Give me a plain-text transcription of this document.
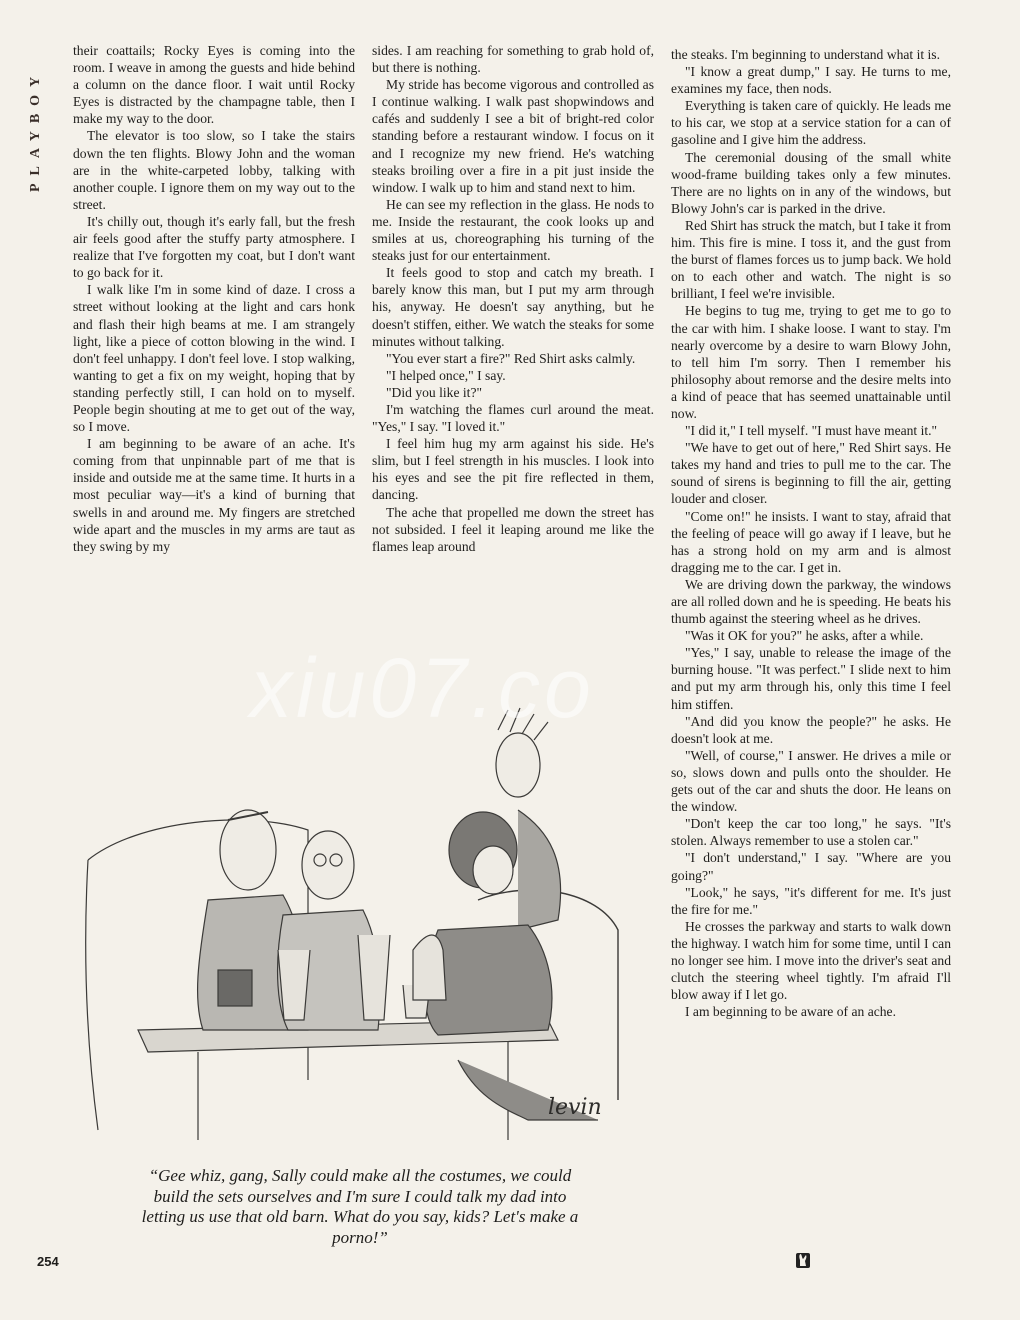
PLAYBOY

their coattails; Rocky Eyes is coming into the room. I weave in among the guests and hide behind a column on the dance floor. I wait until Rocky Eyes is distracted by the champagne table, then I make my way to the door.

The elevator is too slow, so I take the stairs down the ten flights. Blowy John and the woman are in the white-carpeted lobby, talking with another couple. I ignore them on my way out to the street.

It's chilly out, though it's early fall, but the fresh air feels good after the stuffy party atmosphere. I realize that I've forgotten my coat, but I don't want to go back for it.

I walk like I'm in some kind of daze. I cross a street without looking at the light and cars honk and flash their high beams at me. I am strangely light, like a piece of cotton blowing in the wind. I don't feel unhappy. I don't feel love. I stop walking, wanting to get a fix on my weight, hoping that by standing perfectly still, I can hold on to myself. People begin shouting at me to get out of the way, so I move.

I am beginning to be aware of an ache. It's coming from that unpinnable part of me that is inside and outside me at the same time. It hurts in a most peculiar way—it's a kind of burning that swells in and around me. My fingers are stretched wide apart and the muscles in my arms are taut as they swing by my

sides. I am reaching for something to grab hold of, but there is nothing.

My stride has become vigorous and controlled as I continue walking. I walk past shopwindows and cafés and suddenly I see a bit of bright-red color standing before a restaurant window. I focus on it and I recognize my new friend. He's watching steaks broiling over a fire in a pit just inside the window. I walk up to him and stand next to him.

He can see my reflection in the glass. He nods to me. Inside the restaurant, the cook looks up and smiles at us, choreographing his turning of the steaks just for our entertainment.

It feels good to stop and catch my breath. I barely know this man, but I put my arm through his, anyway. He doesn't say anything, but he doesn't stiffen, either. We watch the steaks for some minutes without talking.

"You ever start a fire?" Red Shirt asks calmly.

"I helped once," I say.

"Did you like it?"

I'm watching the flames curl around the meat. "Yes," I say. "I loved it."

I feel him hug my arm against his side. He's slim, but I feel strength in his muscles. I look into his eyes and see the pit fire reflected in them, dancing.

The ache that propelled me down the street has not subsided. I feel it leaping around me like the flames leap around

the steaks. I'm beginning to understand what it is.

"I know a great dump," I say. He turns to me, examines my face, then nods.

Everything is taken care of quickly. He leads me to his car, we stop at a service station for a can of gasoline and I give him the address.

The ceremonial dousing of the small white wood-frame building takes only a few minutes. There are no lights on in any of the windows, but Blowy John's car is parked in the drive.

Red Shirt has struck the match, but I take it from him. This fire is mine. I toss it, and the gust from the burst of flames forces us to jump back. We hold on to each other and watch. The night is so brilliant, I feel we're invisible.

He begins to tug me, trying to get me to go to the car with him. I shake loose. I want to stay. I'm nearly overcome by a desire to warn Blowy John, to tell him I'm sorry. Then I remember his philosophy about remorse and the desire melts into a kind of peace that has seemed unattainable until now.

"I did it," I tell myself. "I must have meant it."

"We have to get out of here," Red Shirt says. He takes my hand and tries to pull me to the car. The sound of sirens is beginning to fill the air, getting louder and closer.

"Come on!" he insists. I want to stay, afraid that the feeling of peace will go away if I leave, but he has a strong hold on my arm and is almost dragging me to the car. I get in.

We are driving down the parkway, the windows are all rolled down and he is speeding. He beats his thumb against the steering wheel as he drives.

"Was it OK for you?" he asks, after a while.

"Yes," I say, unable to release the image of the burning house. "It was perfect." I slide next to him and put my arm through his, only this time I feel him stiffen.

"And did you know the people?" he asks. He doesn't look at me.

"Well, of course," I answer. He drives a mile or so, slows down and pulls onto the shoulder. He gets out of the car and shuts the door. He leans on the window.

"Don't keep the car too long," he says. "It's stolen. Always remember to use a stolen car."

"I don't understand," I say. "Where are you going?"

"Look," he says, "it's different for me. It's just the fire for me."

He crosses the parkway and starts to walk down the highway. I watch him for some time, until I can no longer see him. I move into the driver's seat and clutch the steering wheel tightly. I'm afraid I'll blow away if I let go.

I am beginning to be aware of an ache.

levin
“Gee whiz, gang, Sally could make all the costumes, we could build the sets ourselves and I'm sure I could talk my dad into letting us use that old barn. What do you say, kids? Let's make a porno!”
254
xiu07.co
